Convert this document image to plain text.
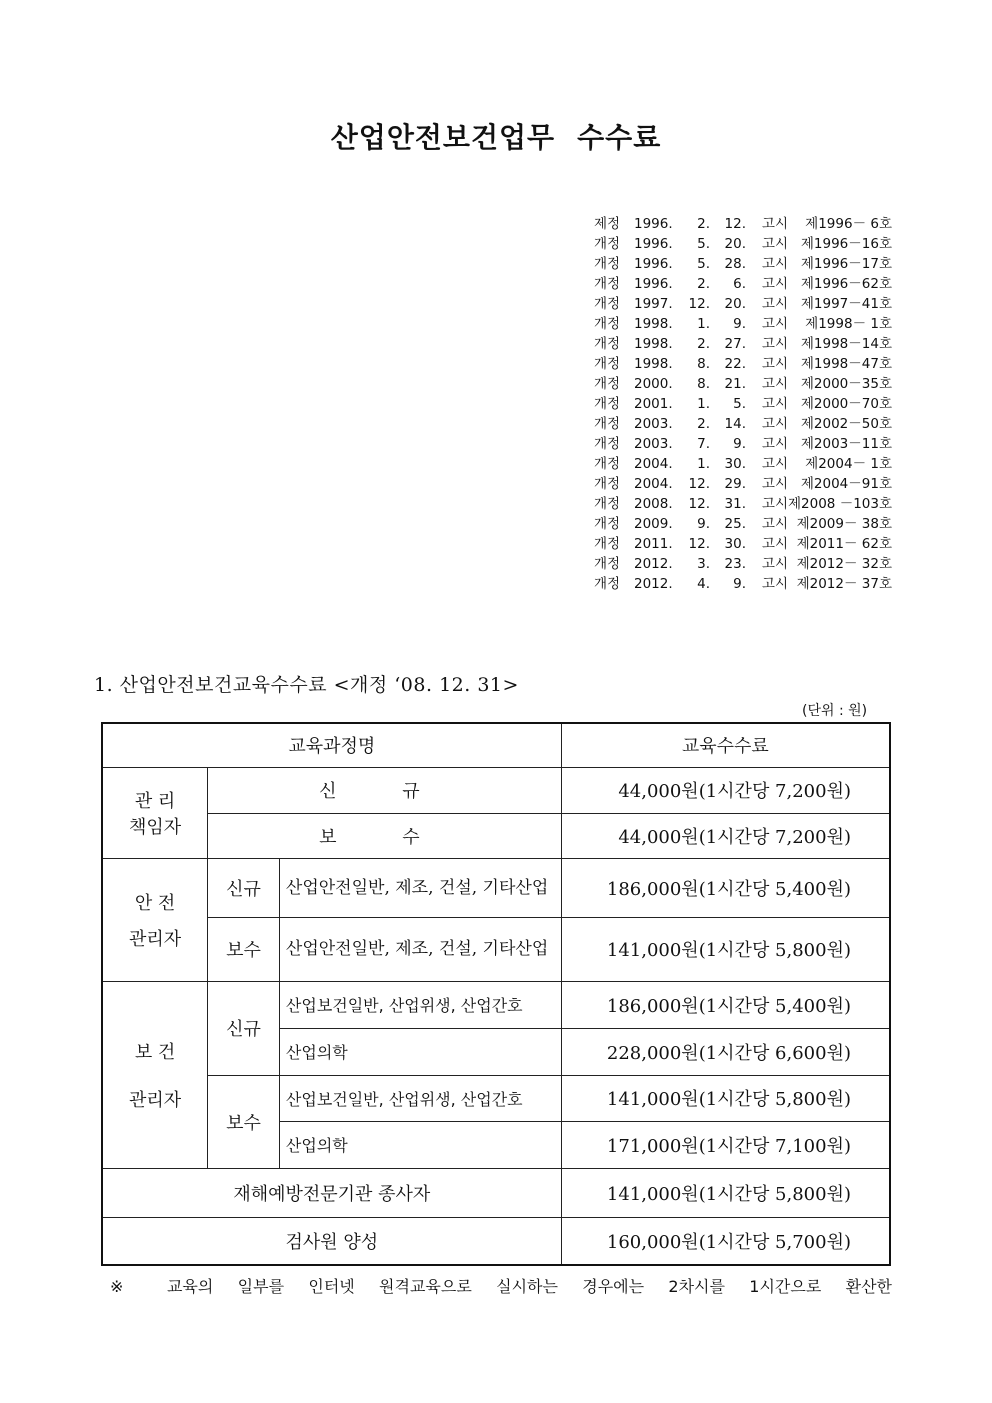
산업안전보건업무 수수료
제정 1996. 2. 12. 고시 제1996－ 6호
개정 1996. 5. 20. 고시 제1996－16호
개정 1996. 5. 28. 고시 제1996－17호
개정 1996. 2. 6. 고시 제1996－62호
개정 1997. 12. 20. 고시 제1997－41호
개정 1998. 1. 9. 고시 제1998－ 1호
개정 1998. 2. 27. 고시 제1998－14호
개정 1998. 8. 22. 고시 제1998－47호
개정 2000. 8. 21. 고시 제2000－35호
개정 2001. 1. 5. 고시 제2000－70호
개정 2003. 2. 14. 고시 제2002－50호
개정 2003. 7. 9. 고시 제2003－11호
개정 2004. 1. 30. 고시 제2004－ 1호
개정 2004. 12. 29. 고시 제2004－91호
개정 2008. 12. 31. 고시제2008 －103호
개정 2009. 9. 25. 고시 제2009－ 38호
개정 2011. 12. 30. 고시 제2011－ 62호
개정 2012. 3. 23. 고시 제2012－ 32호
개정 2012. 4. 9. 고시 제2012－ 37호
1. 산업안전보건교육수수료 <개정 ‘08. 12. 31>
(단위 : 원)
교육과정명			교육수수료

관 리
책임자	신 규		44,000원(1시간당 7,200원)
	보 수		44,000원(1시간당 7,200원)

안 전
관리자	신규	산업안전일반, 제조, 건설, 기타산업	186,000원(1시간당 5,400원)
	보수	산업안전일반, 제조, 건설, 기타산업	141,000원(1시간당 5,800원)

보 건
관리자	신규	산업보건일반, 산업위생, 산업간호	186,000원(1시간당 5,400원)
		산업의학	228,000원(1시간당 6,600원)
	보수	산업보건일반, 산업위생, 산업간호	141,000원(1시간당 5,800원)
		산업의학	171,000원(1시간당 7,100원)
재해예방전문기관 종사자			141,000원(1시간당 5,800원)
검사원 양성			160,000원(1시간당 5,700원)
※ 교육의 일부를 인터넷 원격교육으로 실시하는 경우에는 2차시를 1시간으로 환산한
